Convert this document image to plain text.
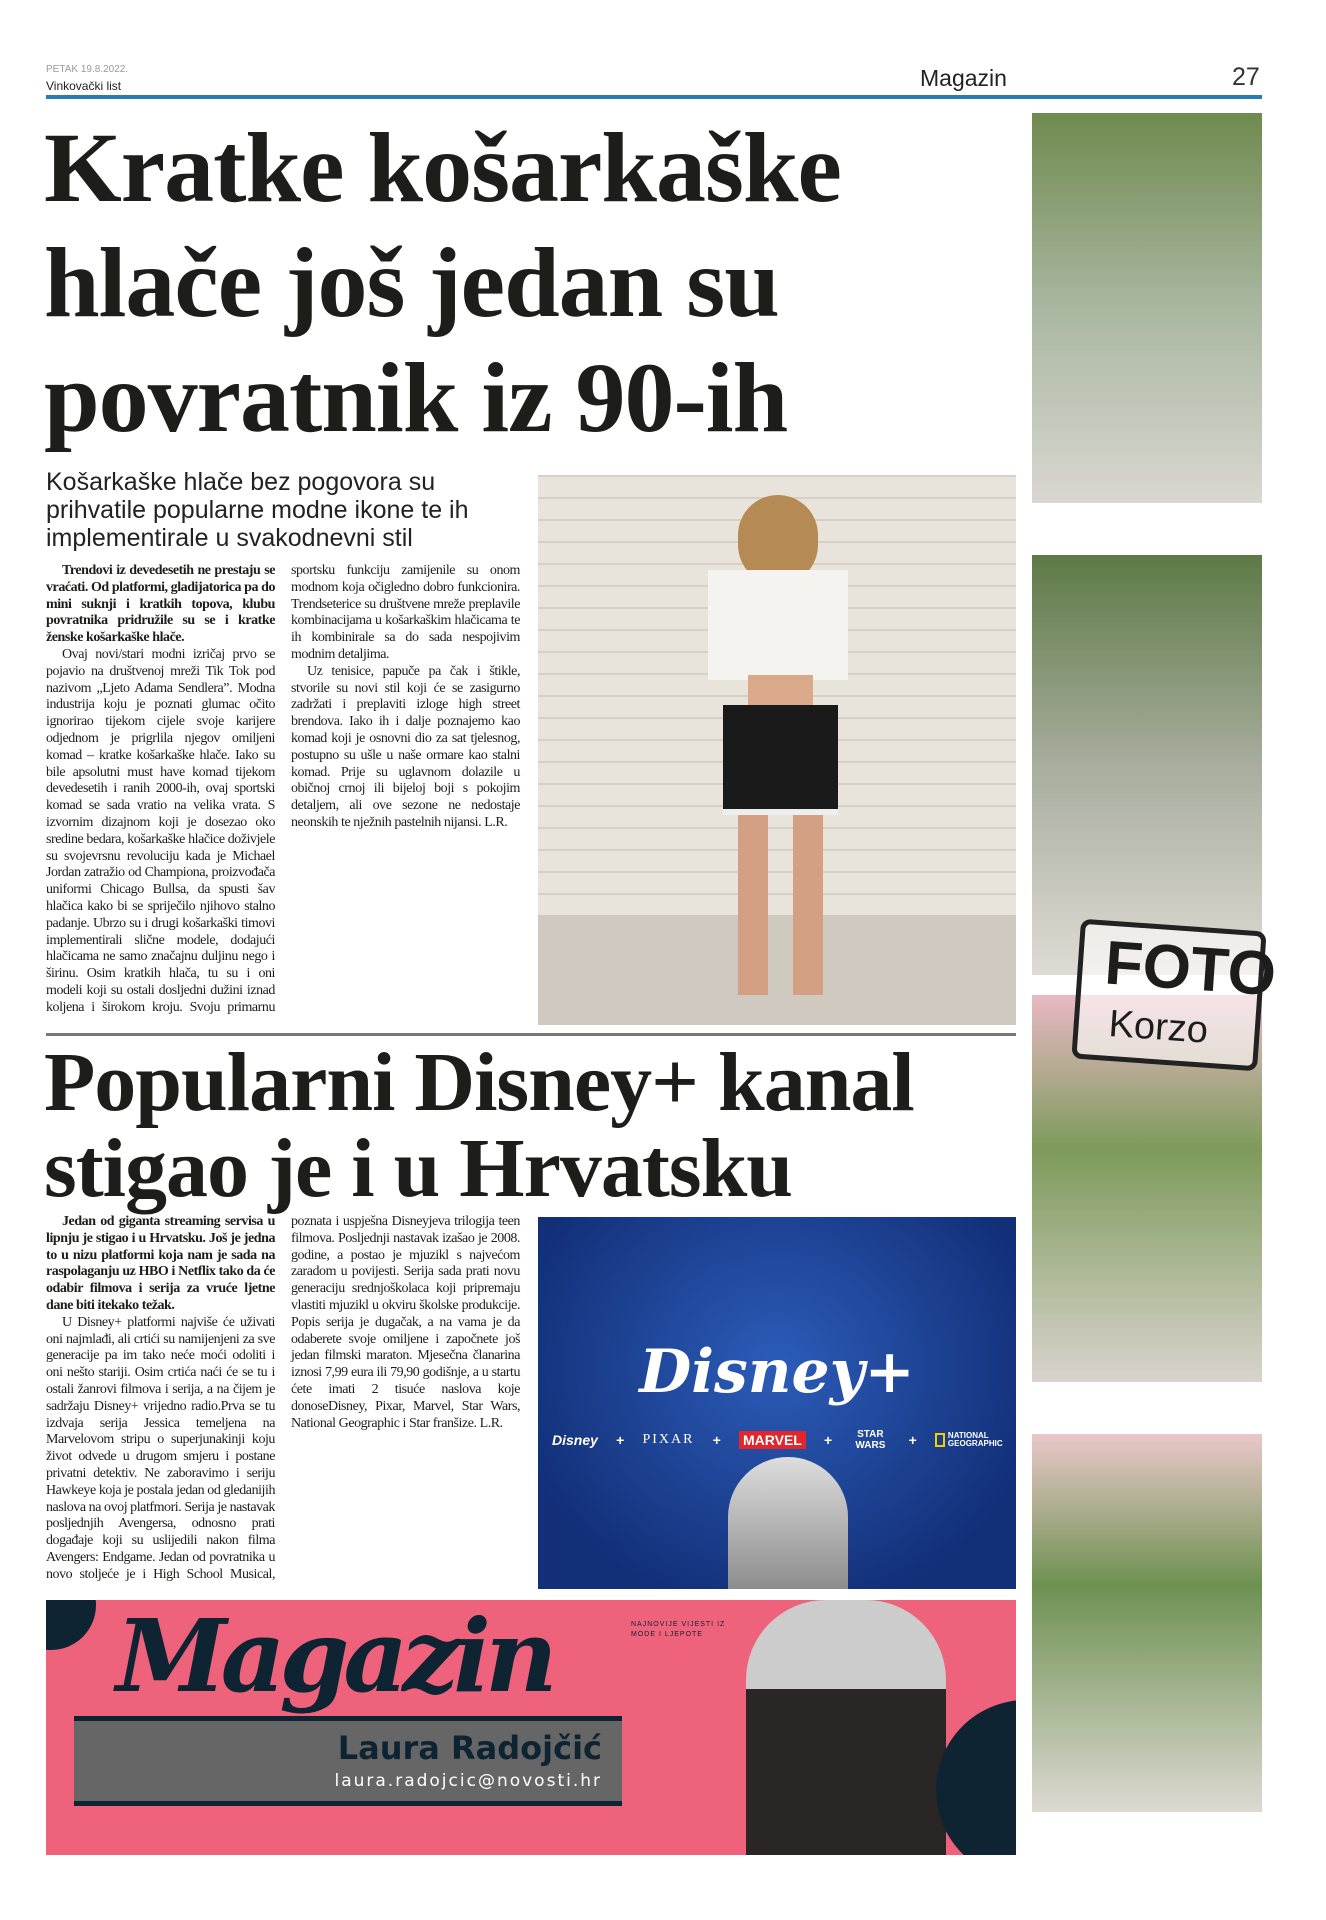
PETAK 19.8.2022.
Vinkovački list	Magazin	27
Kratke košarkaške hlače još jedan su povratnik iz 90-ih
Košarkaške hlače bez pogovora su prihvatile popularne modne ikone te ih implementirale u svakodnevni stil

Trendovi iz devedesetih ne prestaju se vraćati. Od platformi, gladijatorica pa do mini suknji i kratkih topova, klubu povratnika pridružile su se i kratke ženske košarkaške hlače.

Ovaj novi/stari modni izričaj prvo se pojavio na društvenoj mreži Tik Tok pod nazivom „Ljeto Adama Sendlera”. Modna industrija koju je poznati glumac očito ignorirao tijekom cijele svoje karijere odjednom je prigrlila njegov omiljeni komad – kratke košarkaške hlače. Iako su bile apsolutni must have komad tijekom devedesetih i ranih 2000-ih, ovaj sportski komad se sada vratio na velika vrata. S izvornim dizajnom koji je dosezao oko sredine bedara, košarkaške hlačice doživjele su svojevrsnu revoluciju kada je Michael Jordan zatražio od Championa, proizvođača uniformi Chicago Bullsa, da spusti šav hlačica kako bi se spriječilo njihovo stalno padanje. Ubrzo su i drugi košarkaški timovi implementirali slične modele, dodajući hlačicama ne samo značajnu duljinu nego i širinu. Osim kratkih hlača, tu su i oni modeli koji su ostali dosljedni dužini iznad koljena i širokom kroju. Svoju primarnu sportsku funkciju zamijenile su onom modnom koja očigledno dobro funkcionira. Trendseterice su društvene mreže preplavile kombinacijama u košarkaškim hlačicama te ih kombinirale sa do sada nespojivim modnim detaljima.

Uz tenisice, papuče pa čak i štikle, stvorile su novi stil koji će se zasigurno zadržati i preplaviti izloge high street brendova. Iako ih i dalje poznajemo kao komad koji je osnovni dio za sat tjelesnog, postupno su ušle u naše ormare kao stalni komad. Prije su uglavnom dolazile u običnoj crnoj ili bijeloj boji s pokojim detaljem, ali ove sezone ne nedostaje neonskih te nježnih pastelnih nijansi. L.R.

Popularni Disney+ kanal stigao je i u Hrvatsku

Jedan od giganta streaming servisa u lipnju je stigao i u Hrvatsku. Još je jedna to u nizu platformi koja nam je sada na raspolaganju uz HBO i Netflix tako da će odabir filmova i serija za vruće ljetne dane biti itekako težak.

U Disney+ platformi najviše će uživati oni najmlađi, ali crtići su namijenjeni za sve generacije pa im tako neće moći odoliti i oni nešto stariji. Osim crtića naći će se tu i ostali žanrovi filmova i serija, a na čijem je sadržaju Disney+ vrijedno radio.Prva se tu izdvaja serija Jessica temeljena na Marvelovom stripu o superjunakinji koju život odvede u drugom smjeru i postane privatni detektiv. Ne zaboravimo i seriju Hawkeye koja je postala jedan od gledanijih naslova na ovoj platfmori. Serija je nastavak posljednjih Avengersa, odnosno prati događaje koji su uslijedili nakon filma Avengers: Endgame. Jedan od povratnika u novo stoljeće je i High School Musical, poznata i uspješna Disneyjeva trilogija teen filmova. Posljednji nastavak izašao je 2008. godine, a postao je mjuzikl s najvećom zaradom u povijesti. Serija sada prati novu generaciju srednjoškolaca koji pripremaju vlastiti mjuzikl u okviru školske produkcije. Popis serija je dugačak, a na vama je da odaberete svoje omiljene i započnete još jedan filmski maraton. Mjesečna članarina iznosi 7,99 eura ili 79,90 godišnje, a u startu ćete imati 2 tisuće naslova koje donoseDisney, Pixar, Marvel, Star Wars, National Geographic i Star franšize. L.R.

Disney+
Disney + PIXAR + MARVEL +	STAR WARS	+	NATIONAL GEOGRAPHIC
Laura Radojčić
laura.radojcic@novosti.hr
Magazin	NAJNOVIJE VIJESTI IZ MODE I LJEPOTE
FOTO
Korzo
